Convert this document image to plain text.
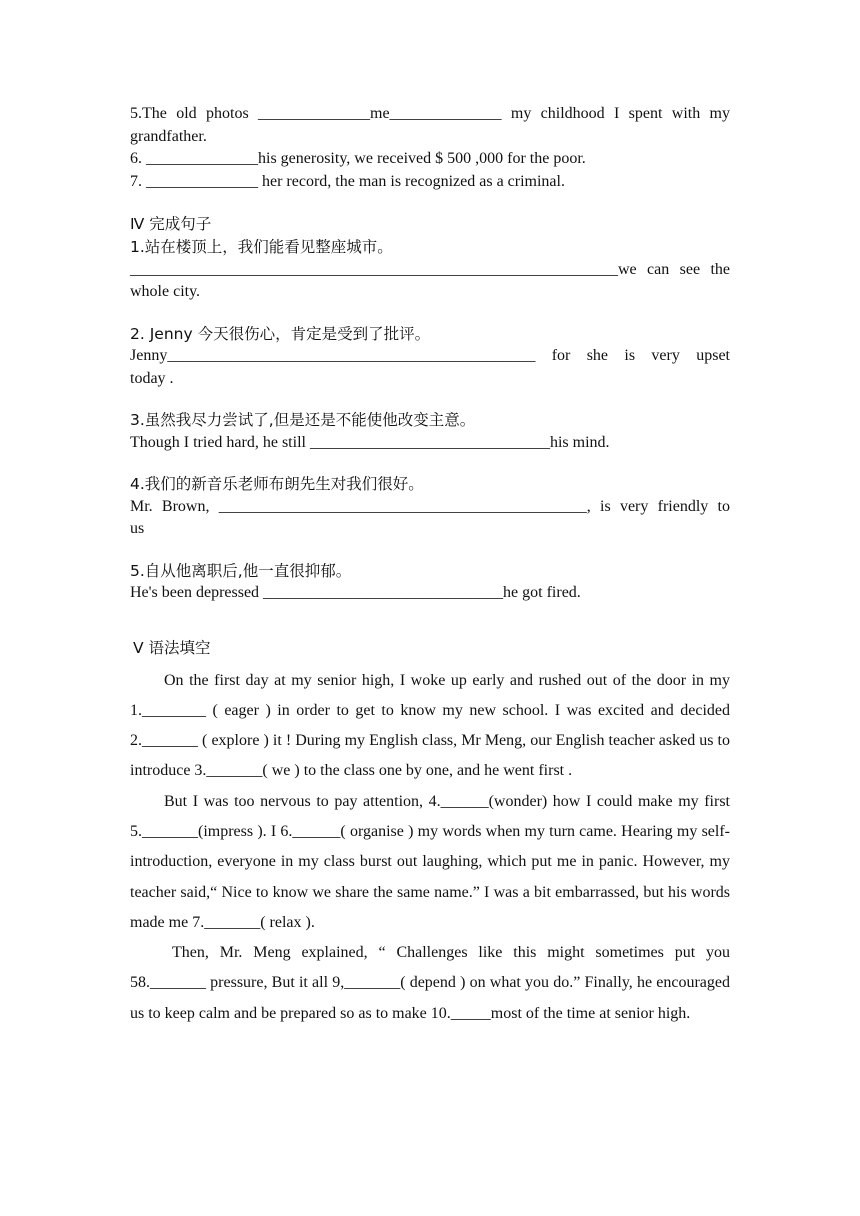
5.The old photos ______________me______________ my childhood I spent with my

grandfather.

6. ______________his generosity, we received $ 500 ,000 for the poor.

7. ______________ her record, the man is recognized as a criminal.

Ⅳ 完成句子

1.站在楼顶上，我们能看见整座城市。

_____________________________________________________________we can see the

whole city.

2. Jenny 今天很伤心，肯定是受到了批评。

Jenny______________________________________________ for she is very upset

today .

3.虽然我尽力尝试了,但是还是不能使他改变主意。

Though I tried hard, he still ______________________________his mind.

4.我们的新音乐老师布朗先生对我们很好。

Mr. Brown, ______________________________________________, is very friendly to

us

5.自从他离职后,他一直很抑郁。

He's been depressed ______________________________he got fired.

Ⅴ 语法填空

On the first day at my senior high, I woke up early and rushed out of the door in my 1.________ ( eager ) in order to get to know my new school. I was excited and decided 2._______ ( explore ) it ! During my English class, Mr Meng, our English teacher asked us to introduce 3._______( we ) to the class one by one, and he went first .

But I was too nervous to pay attention, 4.______(wonder) how I could make my first 5._______(impress ). I 6.______( organise ) my words when my turn came. Hearing my self- introduction, everyone in my class burst out laughing, which put me in panic. However, my teacher said,“ Nice to know we share the same name.” I was a bit embarrassed, but his words made me 7._______( relax ).

Then, Mr. Meng explained, “ Challenges like this might sometimes put you 58._______ pressure, But it all 9,_______( depend ) on what you do.” Finally, he encouraged us to keep calm and be prepared so as to make 10._____most of the time at senior high.
